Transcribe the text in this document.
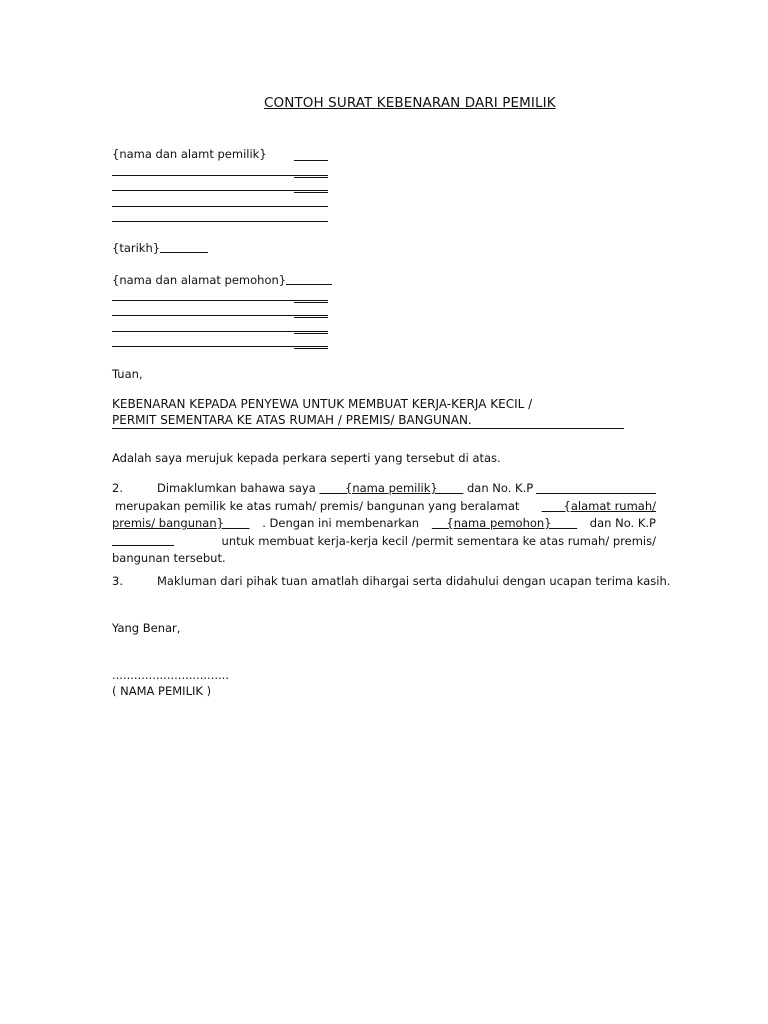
CONTOH SURAT KEBENARAN DARI PEMILIK
{nama dan alamt pemilik}
{tarikh}
{nama dan alamat pemohon}
Tuan,
KEBENARAN KEPADA PENYEWA UNTUK MEMBUAT KERJA-KERJA KECIL /
PERMIT SEMENTARA KE ATAS RUMAH / PREMIS/ BANGUNAN.
Adalah saya merujuk kepada perkara seperti yang tersebut di atas.
2.	Dimaklumkan bahawa saya	{nama pemilik}	dan No. K.P
merupakan pemilik ke atas rumah/ premis/ bangunan yang beralamat	{alamat rumah/
premis/ bangunan}	. Dengan ini membenarkan	{nama pemohon}	dan No. K.P
untuk membuat kerja-kerja kecil /permit sementara ke atas rumah/ premis/
bangunan tersebut.
3.	Makluman dari pihak tuan amatlah dihargai serta didahului dengan ucapan terima kasih.
Yang Benar,
................................
( NAMA PEMILIK )
